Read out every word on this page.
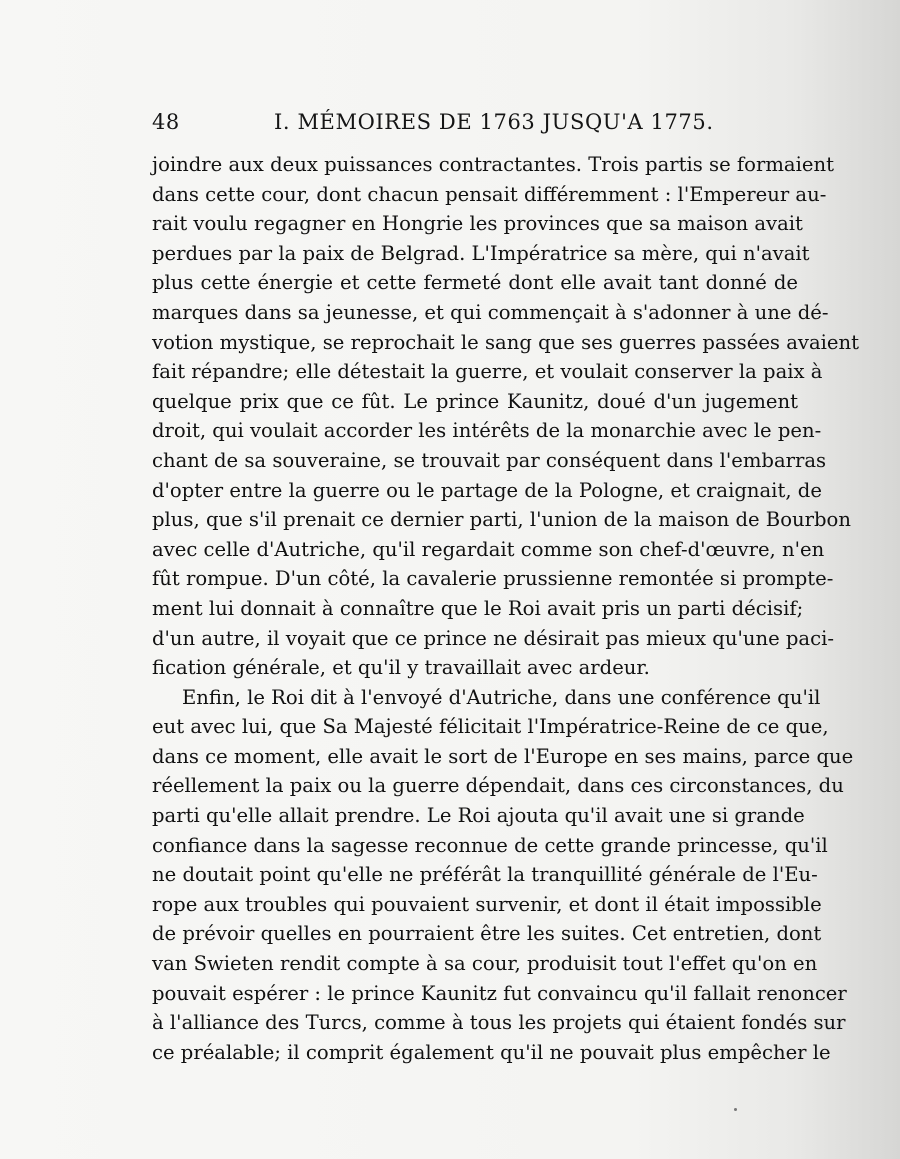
48	I. MÉMOIRES DE 1763 JUSQU'A 1775.
joindre aux deux puissances contractantes. Trois partis se formaient
dans cette cour, dont chacun pensait différemment : l'Empereur au-
rait voulu regagner en Hongrie les provinces que sa maison avait
perdues par la paix de Belgrad. L'Impératrice sa mère, qui n'avait
plus cette énergie et cette fermeté dont elle avait tant donné de
marques dans sa jeunesse, et qui commençait à s'adonner à une dé-
votion mystique, se reprochait le sang que ses guerres passées avaient
fait répandre; elle détestait la guerre, et voulait conserver la paix à
quelque prix que ce fût. Le prince Kaunitz, doué d'un jugement
droit, qui voulait accorder les intérêts de la monarchie avec le pen-
chant de sa souveraine, se trouvait par conséquent dans l'embarras
d'opter entre la guerre ou le partage de la Pologne, et craignait, de
plus, que s'il prenait ce dernier parti, l'union de la maison de Bourbon
avec celle d'Autriche, qu'il regardait comme son chef-d'œuvre, n'en
fût rompue. D'un côté, la cavalerie prussienne remontée si prompte-
ment lui donnait à connaître que le Roi avait pris un parti décisif;
d'un autre, il voyait que ce prince ne désirait pas mieux qu'une paci-
fication générale, et qu'il y travaillait avec ardeur.
Enfin, le Roi dit à l'envoyé d'Autriche, dans une conférence qu'il
eut avec lui, que Sa Majesté félicitait l'Impératrice-Reine de ce que,
dans ce moment, elle avait le sort de l'Europe en ses mains, parce que
réellement la paix ou la guerre dépendait, dans ces circonstances, du
parti qu'elle allait prendre. Le Roi ajouta qu'il avait une si grande
confiance dans la sagesse reconnue de cette grande princesse, qu'il
ne doutait point qu'elle ne préférât la tranquillité générale de l'Eu-
rope aux troubles qui pouvaient survenir, et dont il était impossible
de prévoir quelles en pourraient être les suites. Cet entretien, dont
van Swieten rendit compte à sa cour, produisit tout l'effet qu'on en
pouvait espérer : le prince Kaunitz fut convaincu qu'il fallait renoncer
à l'alliance des Turcs, comme à tous les projets qui étaient fondés sur
ce préalable; il comprit également qu'il ne pouvait plus empêcher le
